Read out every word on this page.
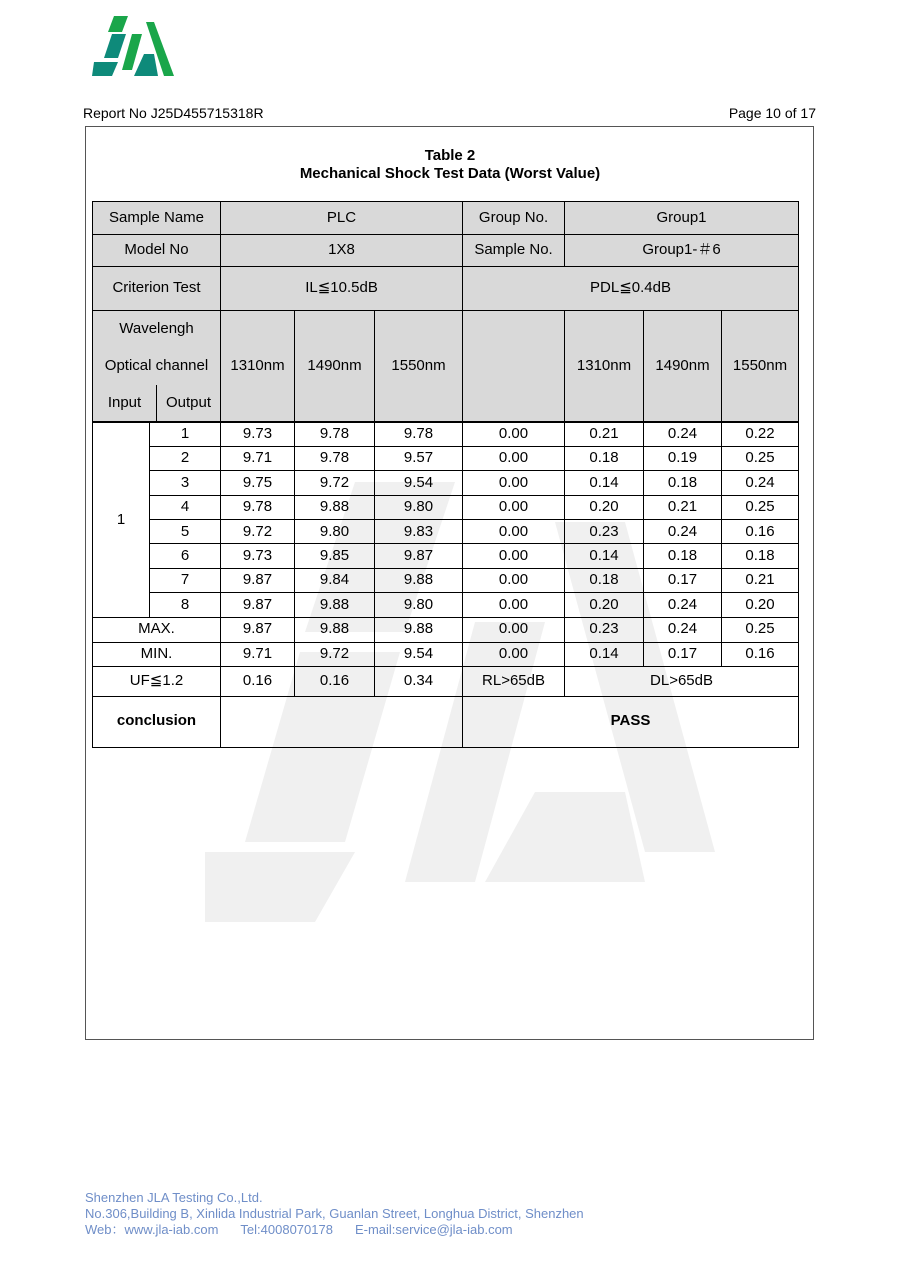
Report No J25D455715318R	Page 10 of 17
Table 2
Mechanical Shock Test Data (Worst Value)
Sample Name		PLC			Group No.	Group1		
Model No		1X8			Sample No.	Group1-＃6		
Criterion Test		IL≦10.5dB			PDL≦0.4dB			

Wavelengh
Optical channel
Input Output		1310nm	1490nm	1550nm		1310nm	1490nm	1550nm
1	1	9.73	9.78	9.78	0.00	0.21	0.24	0.22
	2	9.71	9.78	9.57	0.00	0.18	0.19	0.25
	3	9.75	9.72	9.54	0.00	0.14	0.18	0.24
	4	9.78	9.88	9.80	0.00	0.20	0.21	0.25
	5	9.72	9.80	9.83	0.00	0.23	0.24	0.16
	6	9.73	9.85	9.87	0.00	0.14	0.18	0.18
	7	9.87	9.84	9.88	0.00	0.18	0.17	0.21
	8	9.87	9.88	9.80	0.00	0.20	0.24	0.20
MAX.		9.87	9.88	9.88	0.00	0.23	0.24	0.25
MIN.		9.71	9.72	9.54	0.00	0.14	0.17	0.16
UF≦1.2		0.16	0.16	0.34	RL>65dB	DL>65dB		
conclusion					PASS			
Shenzhen JLA Testing Co.,Ltd.
No.306,Building B, Xinlida Industrial Park, Guanlan Street, Longhua District, Shenzhen
Web：www.jla-iab.com Tel:4008070178 E-mail:service@jla-iab.com
